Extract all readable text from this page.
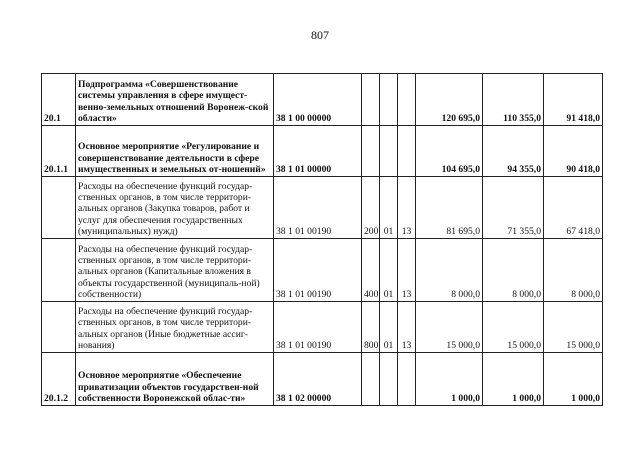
807
20.1	Подпрограмма «Совершенствование системы управления в сфере имущест-венно-земельных отношений Воронеж-ской области»	38 1 00 00000				120 695,0	110 355,0	91 418,0
20.1.1	Основное мероприятие «Регулирование и совершенствование деятельности в сфере имущественных и земельных от-ношений»	38 1 01 00000				104 695,0	94 355,0	90 418,0
	Расходы на обеспечение функций государ-ственных органов, в том числе территори-альных органов (Закупка товаров, работ и услуг для обеспечения государственных (муниципальных) нужд)	38 1 01 00190	200	01	13	81 695,0	71 355,0	67 418,0
	Расходы на обеспечение функций государ-ственных органов, в том числе территори-альных органов (Капитальные вложения в объекты государственной (муниципаль-ной) собственности)	38 1 01 00190	400	01	13	8 000,0	8 000,0	8 000,0
	Расходы на обеспечение функций государ-ственных органов, в том числе территори-альных органов (Иные бюджетные ассиг-нования)	38 1 01 00190	800	01	13	15 000,0	15 000,0	15 000,0
20.1.2	Основное мероприятие «Обеспечение приватизации объектов государствен-ной собственности Воронежской облас-ти»	38 1 02 00000				1 000,0	1 000,0	1 000,0
